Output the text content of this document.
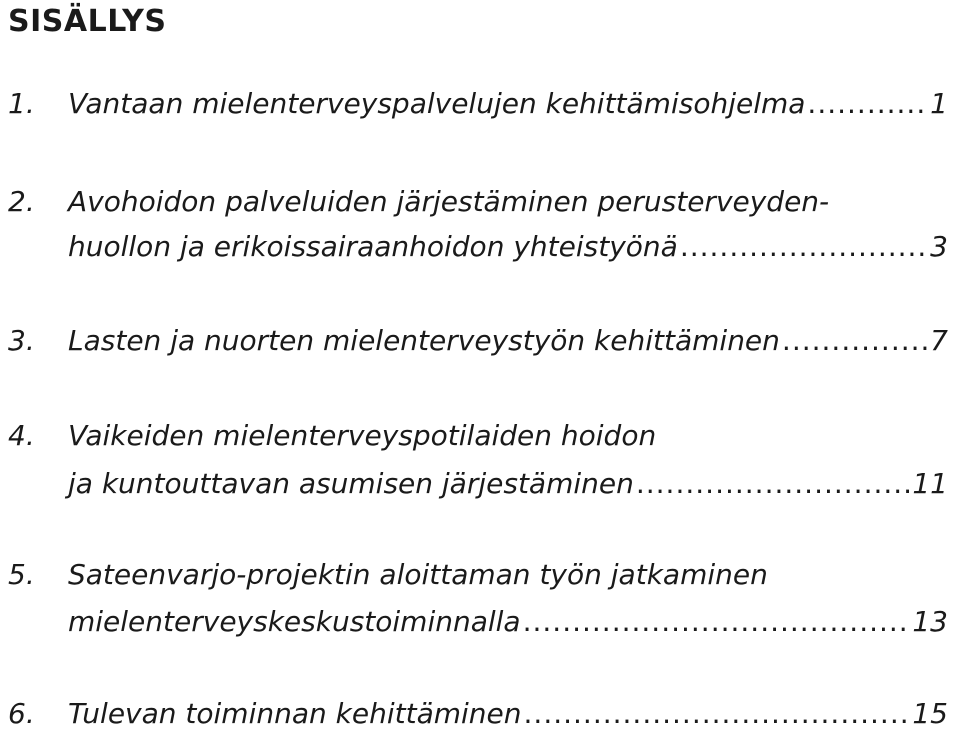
SISÄLLYS
1. Vantaan mielenterveyspalvelujen kehittämisohjelma .....	1
2. Avohoidon palveluiden järjestäminen perusterveyden-
huollon ja erikoissairaanhoidon yhteistyönä .....	3
3. Lasten ja nuorten mielenterveystyön kehittäminen .....	7
4. Vaikeiden mielenterveyspotilaiden hoidon
ja kuntouttavan asumisen järjestäminen .....	11
5. Sateenvarjo-projektin aloittaman työn jatkaminen
mielenterveyskeskustoiminnalla .....	13
6. Tulevan toiminnan kehittäminen .....	15
